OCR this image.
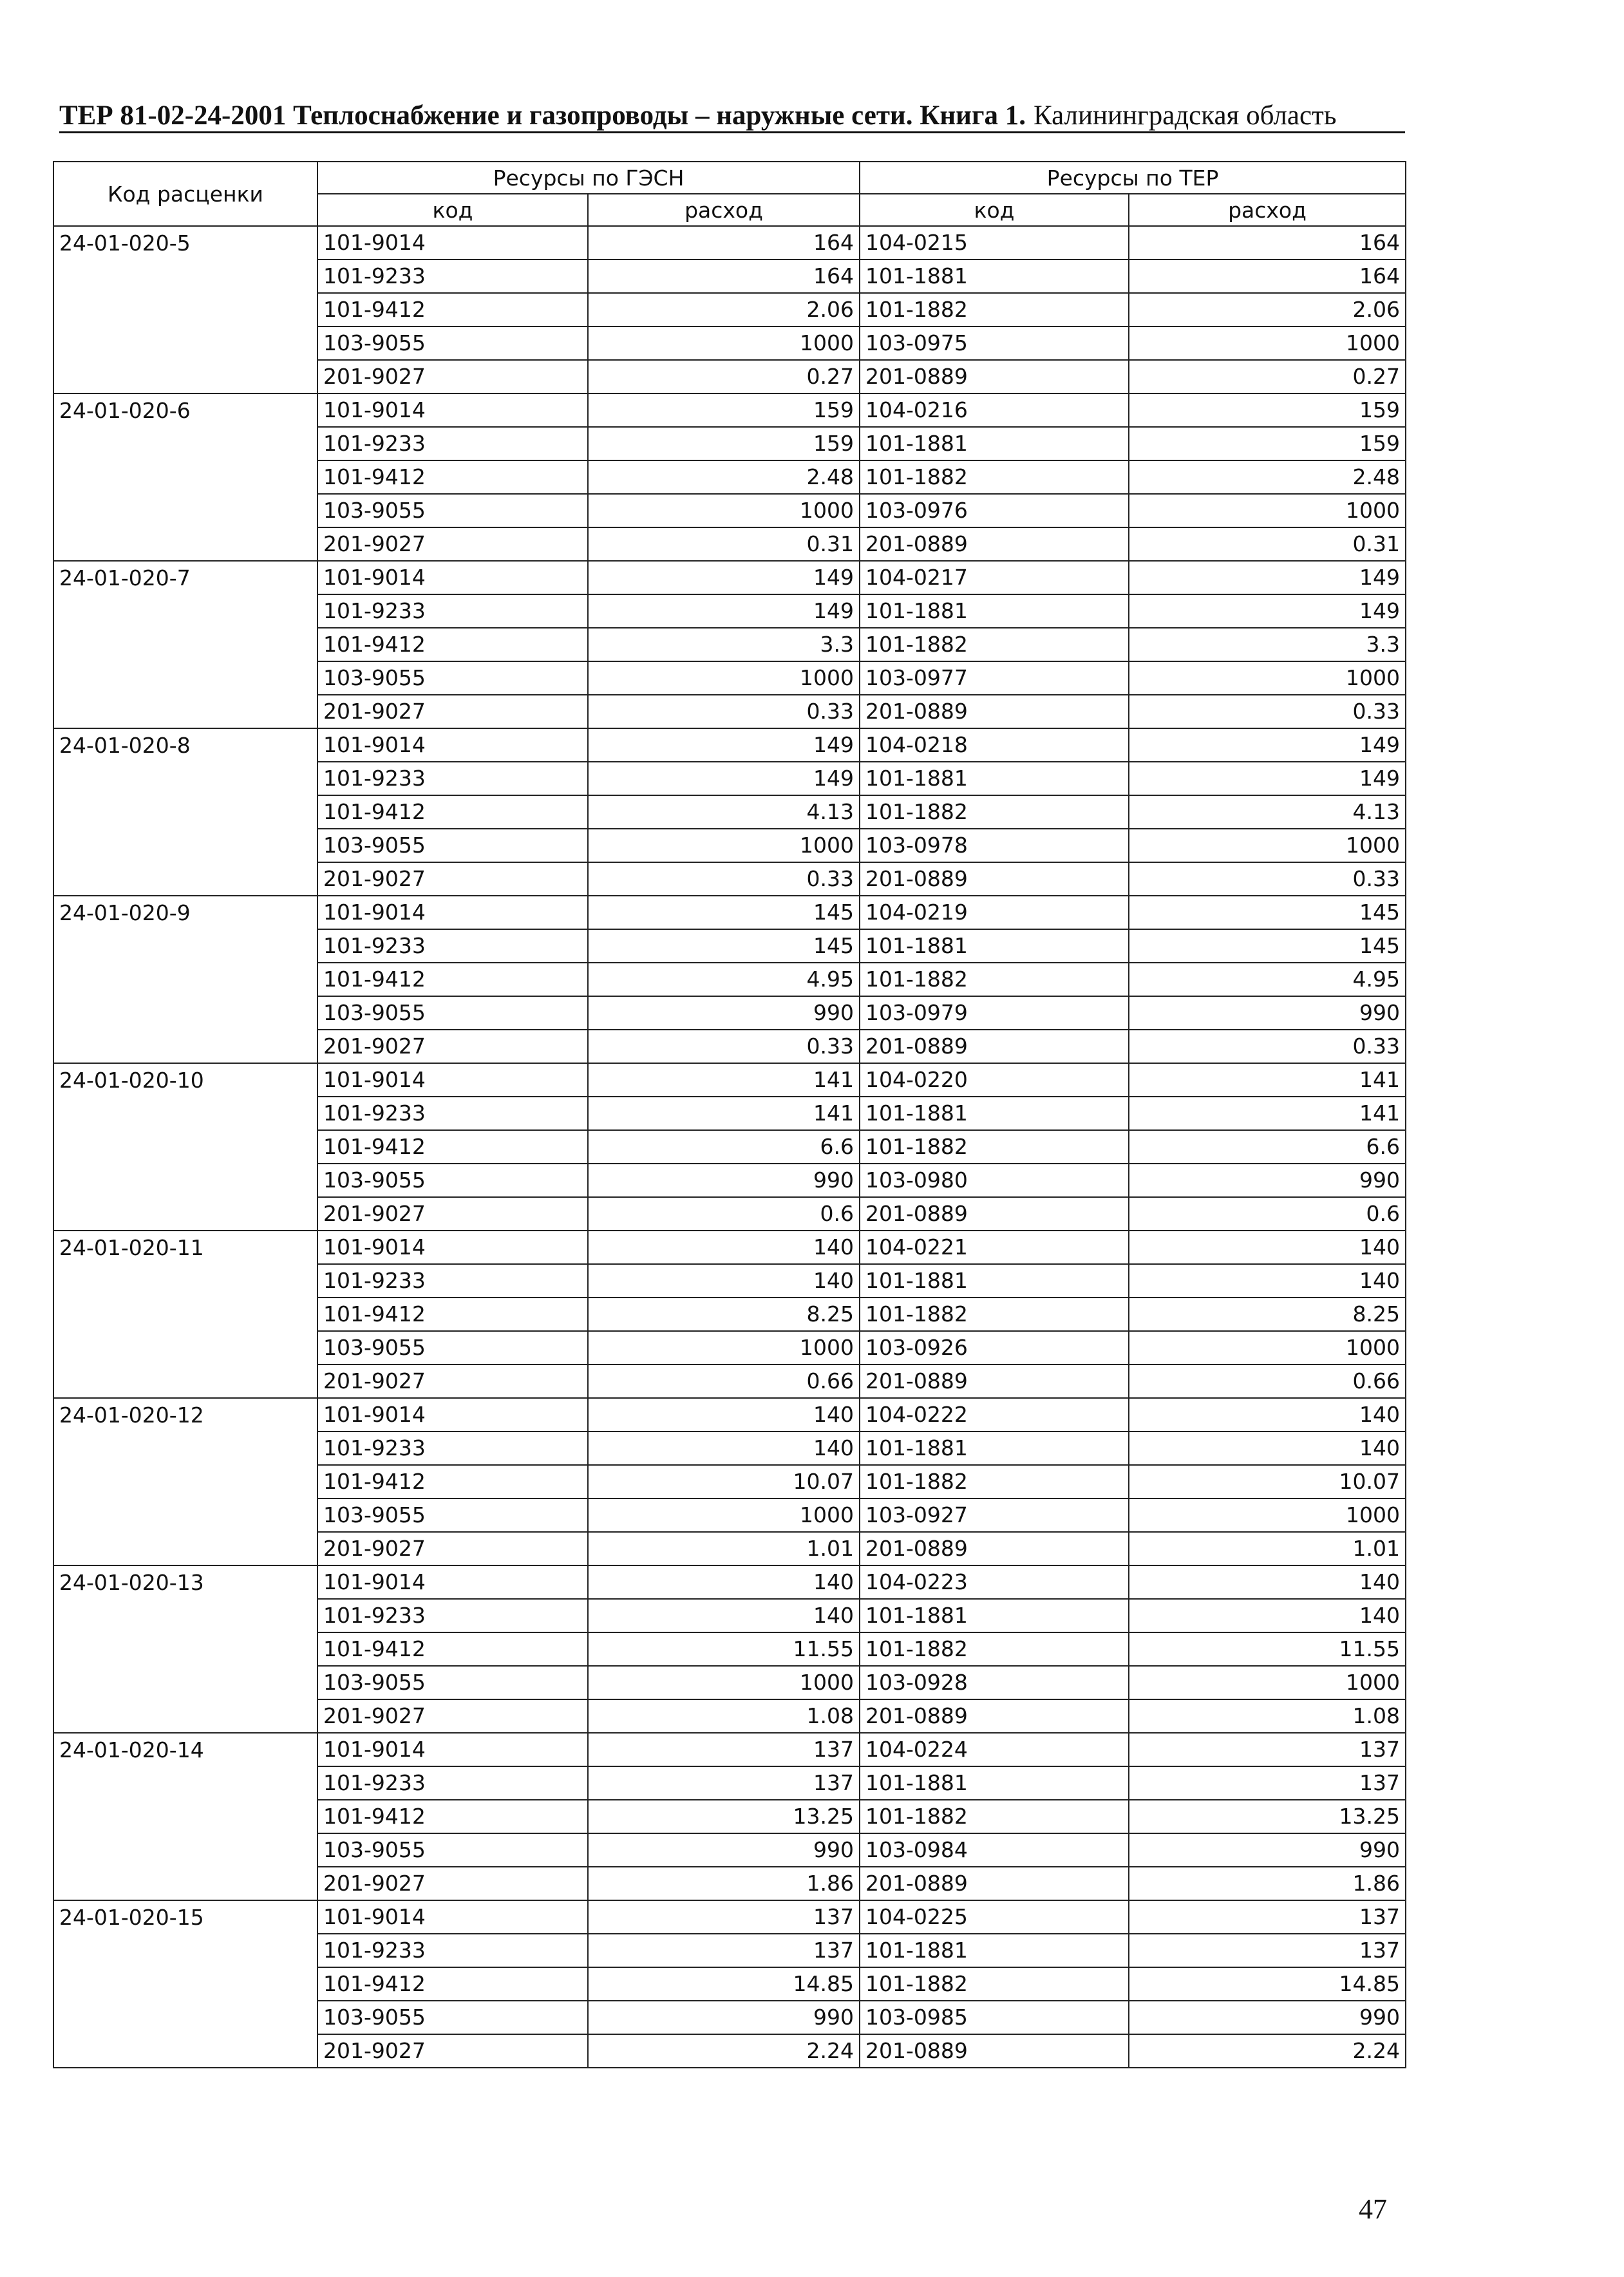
ТЕР 81-02-24-2001 Теплоснабжение и газопроводы – наружные сети. Книга 1. Калининградская область
Код расценки	Ресурсы по ГЭСН		Ресурсы по ТЕР	
	код	расход	код	расход
24-01-020-5	101-9014	164	104-0215	164
	101-9233	164	101-1881	164
	101-9412	2.06	101-1882	2.06
	103-9055	1000	103-0975	1000
	201-9027	0.27	201-0889	0.27
24-01-020-6	101-9014	159	104-0216	159
	101-9233	159	101-1881	159
	101-9412	2.48	101-1882	2.48
	103-9055	1000	103-0976	1000
	201-9027	0.31	201-0889	0.31
24-01-020-7	101-9014	149	104-0217	149
	101-9233	149	101-1881	149
	101-9412	3.3	101-1882	3.3
	103-9055	1000	103-0977	1000
	201-9027	0.33	201-0889	0.33
24-01-020-8	101-9014	149	104-0218	149
	101-9233	149	101-1881	149
	101-9412	4.13	101-1882	4.13
	103-9055	1000	103-0978	1000
	201-9027	0.33	201-0889	0.33
24-01-020-9	101-9014	145	104-0219	145
	101-9233	145	101-1881	145
	101-9412	4.95	101-1882	4.95
	103-9055	990	103-0979	990
	201-9027	0.33	201-0889	0.33
24-01-020-10	101-9014	141	104-0220	141
	101-9233	141	101-1881	141
	101-9412	6.6	101-1882	6.6
	103-9055	990	103-0980	990
	201-9027	0.6	201-0889	0.6
24-01-020-11	101-9014	140	104-0221	140
	101-9233	140	101-1881	140
	101-9412	8.25	101-1882	8.25
	103-9055	1000	103-0926	1000
	201-9027	0.66	201-0889	0.66
24-01-020-12	101-9014	140	104-0222	140
	101-9233	140	101-1881	140
	101-9412	10.07	101-1882	10.07
	103-9055	1000	103-0927	1000
	201-9027	1.01	201-0889	1.01
24-01-020-13	101-9014	140	104-0223	140
	101-9233	140	101-1881	140
	101-9412	11.55	101-1882	11.55
	103-9055	1000	103-0928	1000
	201-9027	1.08	201-0889	1.08
24-01-020-14	101-9014	137	104-0224	137
	101-9233	137	101-1881	137
	101-9412	13.25	101-1882	13.25
	103-9055	990	103-0984	990
	201-9027	1.86	201-0889	1.86
24-01-020-15	101-9014	137	104-0225	137
	101-9233	137	101-1881	137
	101-9412	14.85	101-1882	14.85
	103-9055	990	103-0985	990
	201-9027	2.24	201-0889	2.24
47
